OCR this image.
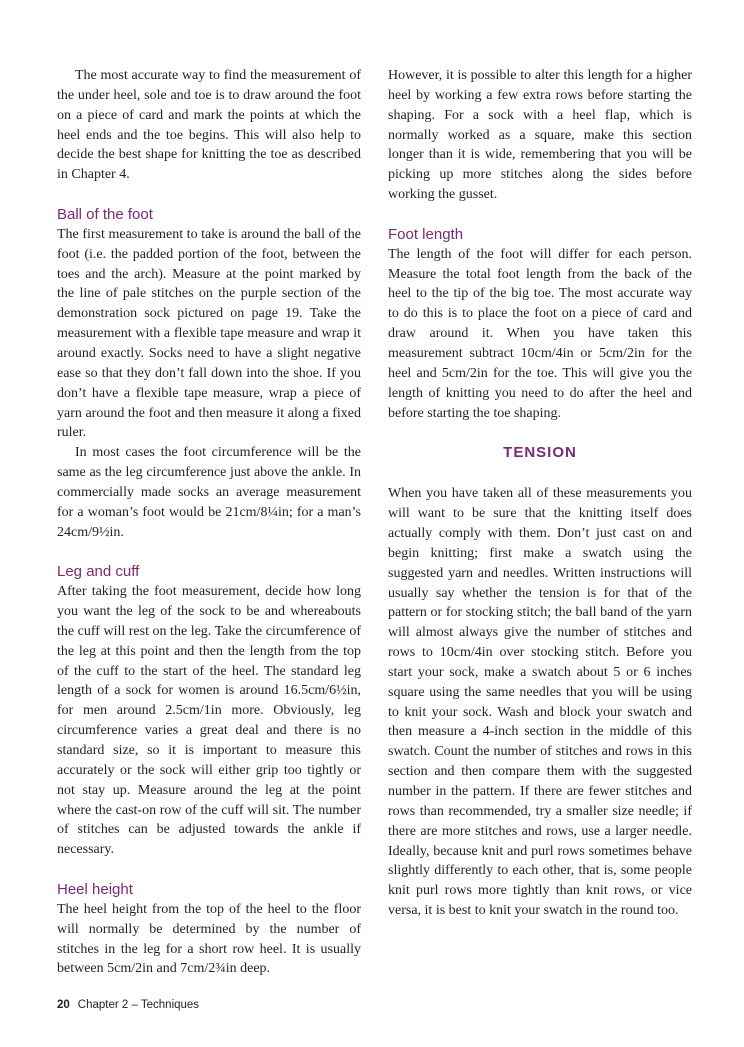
The most accurate way to find the measurement of the under heel, sole and toe is to draw around the foot on a piece of card and mark the points at which the heel ends and the toe begins. This will also help to decide the best shape for knitting the toe as described in Chapter 4.

Ball of the foot

The first measurement to take is around the ball of the foot (i.e. the padded portion of the foot, between the toes and the arch). Measure at the point marked by the line of pale stitches on the purple section of the demonstration sock pictured on page 19. Take the measurement with a flexible tape measure and wrap it around exactly. Socks need to have a slight negative ease so that they don’t fall down into the shoe. If you don’t have a flexible tape measure, wrap a piece of yarn around the foot and then measure it along a fixed ruler.

In most cases the foot circumference will be the same as the leg circumference just above the ankle. In commercially made socks an average measurement for a woman’s foot would be 21cm/8¼in; for a man’s 24cm/9½in.

Leg and cuff

After taking the foot measurement, decide how long you want the leg of the sock to be and whereabouts the cuff will rest on the leg. Take the circumference of the leg at this point and then the length from the top of the cuff to the start of the heel. The standard leg length of a sock for women is around 16.5cm/6½in, for men around 2.5cm/1in more. Obviously, leg circumference varies a great deal and there is no standard size, so it is important to measure this accurately or the sock will either grip too tightly or not stay up. Measure around the leg at the point where the cast-on row of the cuff will sit. The number of stitches can be adjusted towards the ankle if necessary.

Heel height

The heel height from the top of the heel to the floor will normally be determined by the number of stitches in the leg for a short row heel. It is usually between 5cm/2in and 7cm/2¾in deep.

However, it is possible to alter this length for a higher heel by working a few extra rows before starting the shaping. For a sock with a heel flap, which is normally worked as a square, make this section longer than it is wide, remembering that you will be picking up more stitches along the sides before working the gusset.

Foot length

The length of the foot will differ for each person. Measure the total foot length from the back of the heel to the tip of the big toe. The most accurate way to do this is to place the foot on a piece of card and draw around it. When you have taken this measurement subtract 10cm/4in or 5cm/2in for the heel and 5cm/2in for the toe. This will give you the length of knitting you need to do after the heel and before starting the toe shaping.

TENSION

When you have taken all of these measurements you will want to be sure that the knitting itself does actually comply with them. Don’t just cast on and begin knitting; first make a swatch using the suggested yarn and needles. Written instructions will usually say whether the tension is for that of the pattern or for stocking stitch; the ball band of the yarn will almost always give the number of stitches and rows to 10cm/4in over stocking stitch. Before you start your sock, make a swatch about 5 or 6 inches square using the same needles that you will be using to knit your sock. Wash and block your swatch and then measure a 4-inch section in the middle of this swatch. Count the number of stitches and rows in this section and then compare them with the suggested number in the pattern. If there are fewer stitches and rows than recommended, try a smaller size needle; if there are more stitches and rows, use a larger needle. Ideally, because knit and purl rows sometimes behave slightly differently to each other, that is, some people knit purl rows more tightly than knit rows, or vice versa, it is best to knit your swatch in the round too.

20 Chapter 2 – Techniques
